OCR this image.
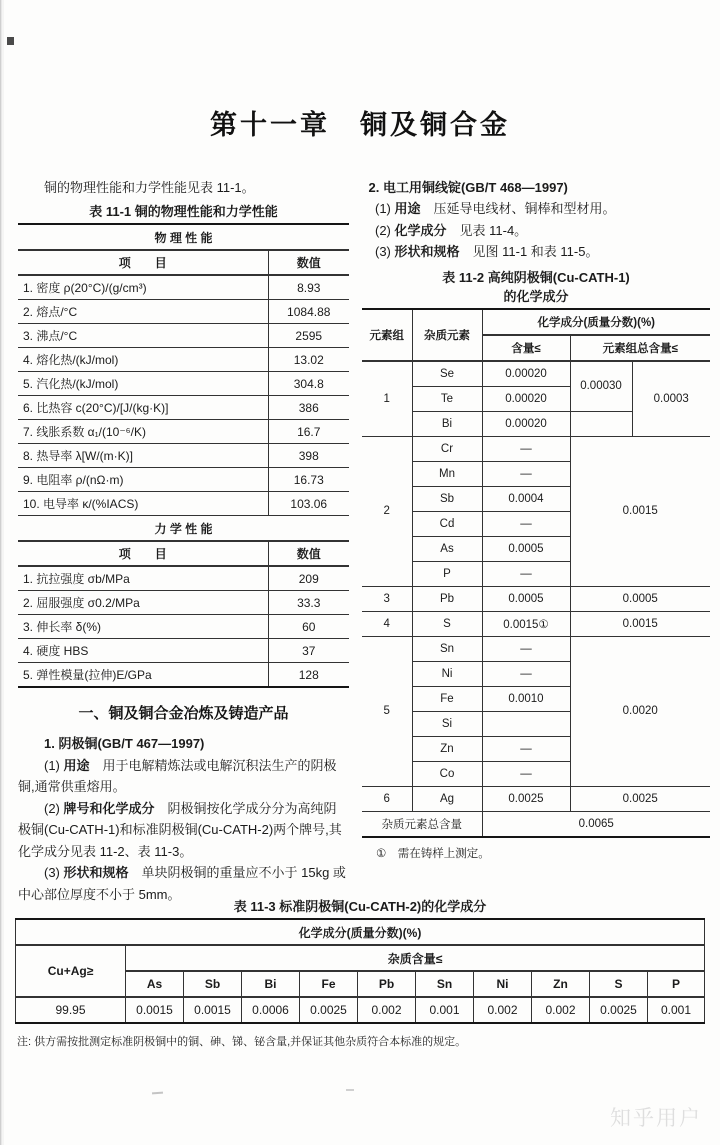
第十一章　铜及铜合金

铜的物理性能和力学性能见表 11-1。

表 11-1 铜的物理性能和力学性能
物 理 性 能	
项　　目	数值
1. 密度 ρ(20°C)/(g/cm³)	8.93
2. 熔点/°C	1084.88
3. 沸点/°C	2595
4. 熔化热/(kJ/mol)	13.02
5. 汽化热/(kJ/mol)	304.8
6. 比热容 c(20°C)/[J/(kg·K)]	386
7. 线胀系数 α₁/(10⁻⁶/K)	16.7
8. 热导率 λ[W/(m·K)]	398
9. 电阻率 ρ/(nΩ·m)	16.73
10. 电导率 κ/(%IACS)	103.06
力 学 性 能	
项　　目	数值
1. 抗拉强度 σb/MPa	209
2. 屈服强度 σ0.2/MPa	33.3
3. 伸长率 δ(%)	60
4. 硬度 HBS	37
5. 弹性模量(拉伸)E/GPa	128
一、铜及铜合金冶炼及铸造产品

1. 阴极铜(GB/T 467—1997)

(1) 用途　用于电解精炼法或电解沉积法生产的阴极铜,通常供重熔用。

(2) 牌号和化学成分　阴极铜按化学成分分为高纯阴极铜(Cu-CATH-1)和标准阴极铜(Cu-CATH-2)两个牌号,其化学成分见表 11-2、表 11-3。

(3) 形状和规格　单块阴极铜的重量应不小于 15kg 或中心部位厚度不小于 5mm。

2. 电工用铜线锭(GB/T 468—1997)

(1) 用途　压延导电线材、铜棒和型材用。

(2) 化学成分　见表 11-4。

(3) 形状和规格　见图 11-1 和表 11-5。

表 11-2 高纯阴极铜(Cu-CATH-1)
的化学成分
元素组	杂质元素	化学成分(质量分数)(%)		
		含量≤	元素组总含量≤	
1	Se	0.00020	0.00030	0.0003
	Te	0.00020		
	Bi	0.00020		
2	Cr	—	0.0015	
	Mn	—		
	Sb	0.0004		
	Cd	—		
	As	0.0005		
	P	—		
3	Pb	0.0005	0.0005	
4	S	0.0015①	0.0015	
5	Sn	—	0.0020	
	Ni	—		
	Fe	0.0010		
	Si			
	Zn	—		
	Co	—		
6	Ag	0.0025	0.0025	
杂质元素总含量		0.0065		

①　需在铸样上测定。

表 11-3 标准阴极铜(Cu-CATH-2)的化学成分
化学成分(质量分数)(%)										
Cu+Ag≥	杂质含量≤									
	As	Sb	Bi	Fe	Pb	Sn	Ni	Zn	S	P
99.95	0.0015	0.0015	0.0006	0.0025	0.002	0.001	0.002	0.002	0.0025	0.001

注: 供方需按批测定标准阴极铜中的铜、砷、锑、铋含量,并保证其他杂质符合本标准的规定。

知乎用户
